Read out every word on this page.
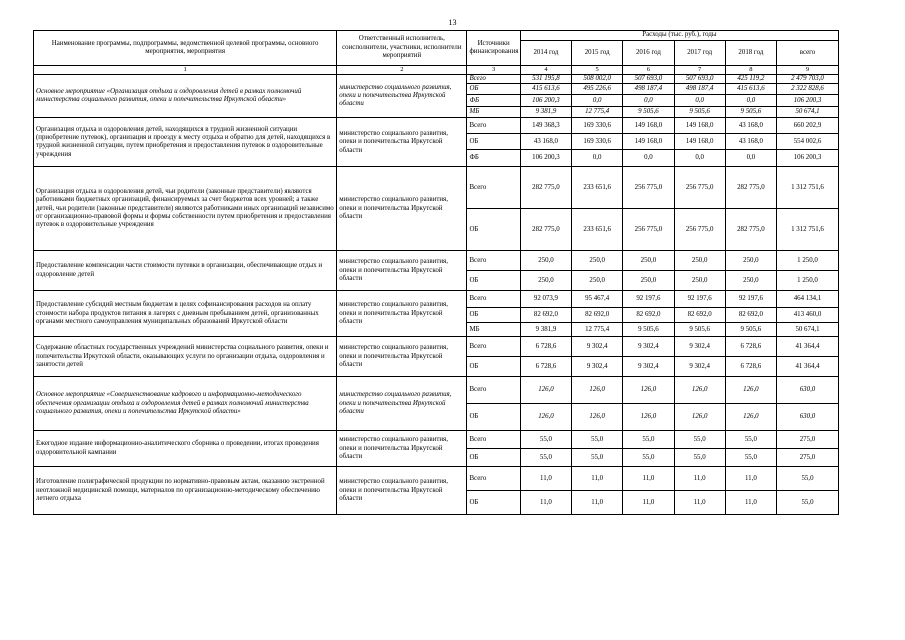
13
Наименование программы, подпрограммы, ведомственной целевой программы, основного мероприятия, мероприятия	Ответственный исполнитель, соисполнители, участники, исполнители мероприятий	Источники финансирования	Расходы (тыс. руб.), годы					
			2014 год	2015 год	2016 год	2017 год	2018 год	всего
1	2	3	4	5	6	7	8	9
Основное мероприятие «Организация отдыха и оздоровления детей в рамках полномочий министерства социального развития, опеки и попечительства Иркутской области»	министерство социального развития, опеки и попечительства Иркутской области	Всего	531 195,8	508 002,0	507 693,0	507 693,0	425 119,2	2 479 703,0
		ОБ	415 613,6	495 226,6	498 187,4	498 187,4	415 613,6	2 322 828,6
		ФБ	106 200,3	0,0	0,0	0,0	0,0	106 200,3
		МБ	9 381,9	12 775,4	9 505,6	9 505,6	9 505,6	50 674,1
Организация отдыха и оздоровления детей, находящихся в трудной жизненной ситуации (приобретение путевок), организация и проезду к месту отдыха и обратно для детей, находящихся в трудной жизненной ситуации, путем приобретения и предоставления путевок в оздоровительные учреждения	министерство социального развития, опеки и попечительства Иркутской области	Всего	149 368,3	169 330,6	149 168,0	149 168,0	43 168,0	660 202,9
		ОБ	43 168,0	169 330,6	149 168,0	149 168,0	43 168,0	554 002,6
		ФБ	106 200,3	0,0	0,0	0,0	0,0	106 200,3
Организация отдыха и оздоровления детей, чьи родители (законные представители) являются работниками бюджетных организаций, финансируемых за счет бюджетов всех уровней; а также детей, чьи родители (законные представители) являются работниками иных организаций независимо от организационно-правовой формы и формы собственности путем приобретения и предоставления путевок в оздоровительные учреждения	министерство социального развития, опеки и попечительства Иркутской области	Всего	282 775,0	233 651,6	256 775,0	256 775,0	282 775,0	1 312 751,6
		ОБ	282 775,0	233 651,6	256 775,0	256 775,0	282 775,0	1 312 751,6
Предоставление компенсации части стоимости путевки в организации, обеспечивающие отдых и оздоровление детей	министерство социального развития, опеки и попечительства Иркутской области	Всего	250,0	250,0	250,0	250,0	250,0	1 250,0
		ОБ	250,0	250,0	250,0	250,0	250,0	1 250,0
Предоставление субсидий местным бюджетам в целях софинансирования расходов на оплату стоимости набора продуктов питания в лагерях с дневным пребыванием детей, организованных органами местного самоуправления муниципальных образований Иркутской области	министерство социального развития, опеки и попечительства Иркутской области	Всего	92 073,9	95 467,4	92 197,6	92 197,6	92 197,6	464 134,1
		ОБ	82 692,0	82 692,0	82 692,0	82 692,0	82 692,0	413 460,0
		МБ	9 381,9	12 775,4	9 505,6	9 505,6	9 505,6	50 674,1
Содержание областных государственных учреждений министерства социального развития, опеки и попечительства Иркутской области, оказывающих услуги по организации отдыха, оздоровления и занятости детей	министерство социального развития, опеки и попечительства Иркутской области	Всего	6 728,6	9 302,4	9 302,4	9 302,4	6 728,6	41 364,4
		ОБ	6 728,6	9 302,4	9 302,4	9 302,4	6 728,6	41 364,4
Основное мероприятие «Совершенствование кадрового и информационно-методического обеспечения организации отдыха и оздоровления детей в рамках полномочий министерства социального развития, опеки и попечительства Иркутской области»	министерство социального развития, опеки и попечительства Иркутской области	Всего	126,0	126,0	126,0	126,0	126,0	630,0
		ОБ	126,0	126,0	126,0	126,0	126,0	630,0
Ежегодное издание информационно-аналитического сборника о проведении, итогах проведения оздоровительной кампании	министерство социального развития, опеки и попечительства Иркутской области	Всего	55,0	55,0	55,0	55,0	55,0	275,0
		ОБ	55,0	55,0	55,0	55,0	55,0	275,0
Изготовление полиграфической продукции по нормативно-правовым актам, оказанию экстренной неотложной медицинской помощи, материалов по организационно-методическому обеспечению летнего отдыха	министерство социального развития, опеки и попечительства Иркутской области	Всего	11,0	11,0	11,0	11,0	11,0	55,0
		ОБ	11,0	11,0	11,0	11,0	11,0	55,0
